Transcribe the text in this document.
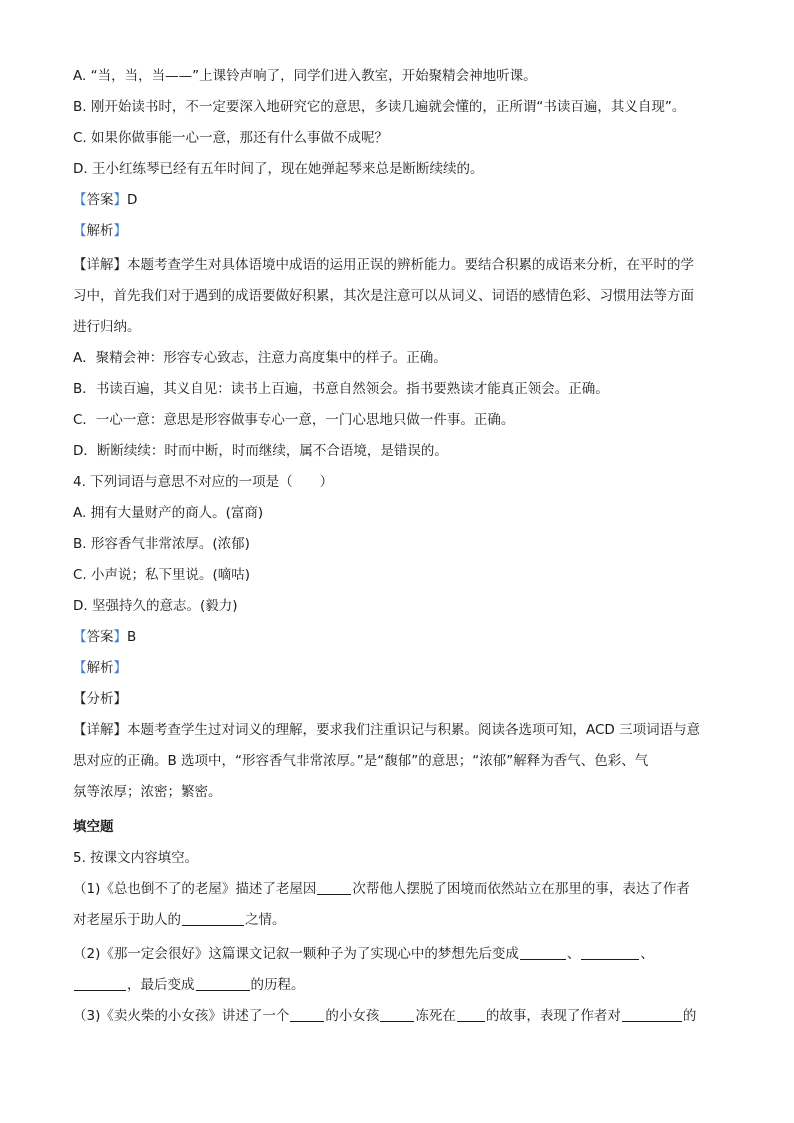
A. “当，当，当——”上课铃声响了，同学们进入教室，开始聚精会神地听课。
B. 刚开始读书时，不一定要深入地研究它的意思，多读几遍就会懂的，正所谓“书读百遍，其义自现”。
C. 如果你做事能一心一意，那还有什么事做不成呢？
D. 王小红练琴已经有五年时间了，现在她弹起琴来总是断断续续的。
【答案】D
【解析】
【详解】本题考查学生对具体语境中成语的运用正误的辨析能力。要结合积累的成语来分析，在平时的学
习中，首先我们对于遇到的成语要做好积累，其次是注意可以从词义、词语的感情色彩、习惯用法等方面
进行归纳。
A．聚精会神：形容专心致志，注意力高度集中的样子。正确。
B．书读百遍，其义自见：读书上百遍，书意自然领会。指书要熟读才能真正领会。正确。
C．一心一意：意思是形容做事专心一意，一门心思地只做一件事。正确。
D．断断续续：时而中断，时而继续，属不合语境，是错误的。
4. 下列词语与意思不对应的一项是（　　）
A. 拥有大量财产的商人。(富商)
B. 形容香气非常浓厚。(浓郁)
C. 小声说；私下里说。(嘀咕)
D. 坚强持久的意志。(毅力)
【答案】B
【解析】
【分析】
【详解】本题考查学生过对词义的理解，要求我们注重识记与积累。阅读各选项可知，ACD 三项词语与意
思对应的正确。B 选项中，“形容香气非常浓厚。”是“馥郁”的意思；“浓郁”解释为香气、色彩、气
氛等浓厚；浓密；繁密。
填空题
5. 按课文内容填空。
（1)《总也倒不了的老屋》描述了老屋因	次帮他人摆脱了困境而依然站立在那里的事，表达了作者
对老屋乐于助人的	之情。
（2)《那一定会很好》这篇课文记叙一颗种子为了实现心中的梦想先后变成	、	、
，最后变成	的历程。
（3)《卖火柴的小女孩》讲述了一个	的小女孩	冻死在 的故事，表现了作者对	的
